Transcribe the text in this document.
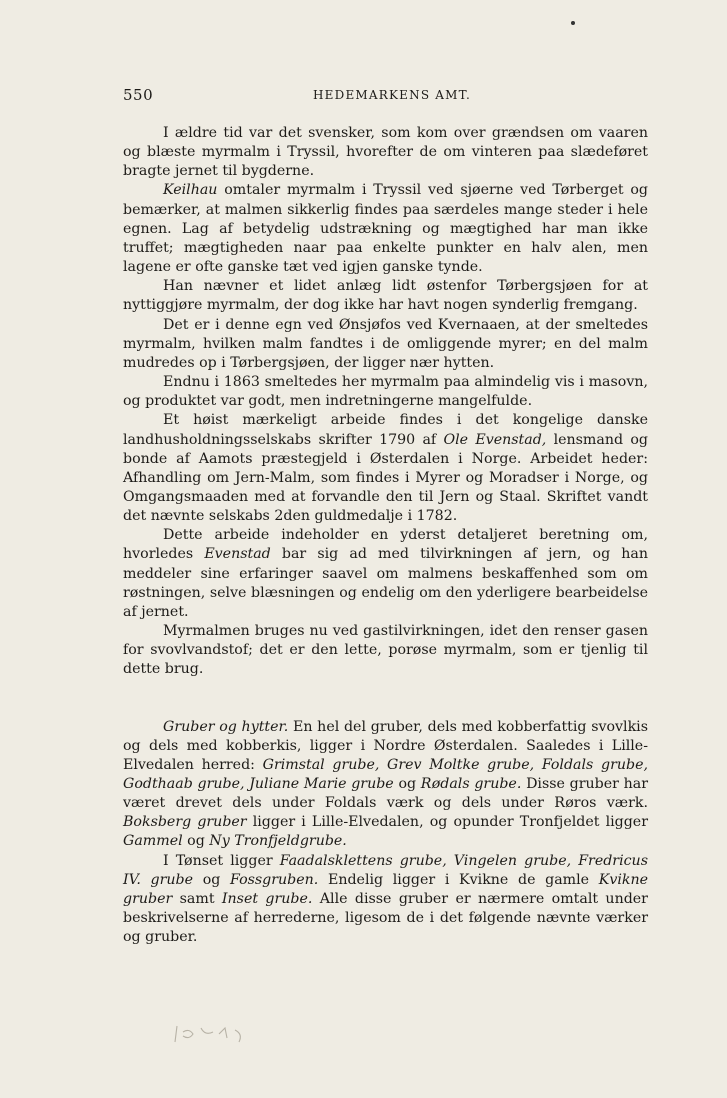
550	HEDEMARKENS AMT.

I ældre tid var det svensker, som kom over grændsen om vaaren og blæste myrmalm i Tryssil, hvorefter de om vinteren paa slædeføret bragte jernet til bygderne.

Keilhau omtaler myrmalm i Tryssil ved sjøerne ved Tørberget og bemærker, at malmen sikkerlig findes paa særdeles mange steder i hele egnen. Lag af betydelig udstrækning og mægtighed har man ikke truffet; mægtigheden naar paa enkelte punkter en halv alen, men lagene er ofte ganske tæt ved igjen ganske tynde.

Han nævner et lidet anlæg lidt østenfor Tørbergsjøen for at nyttiggjøre myrmalm, der dog ikke har havt nogen synderlig fremgang.

Det er i denne egn ved Ønsjøfos ved Kvernaaen, at der smeltedes myrmalm, hvilken malm fandtes i de omliggende myrer; en del malm mudredes op i Tørbergsjøen, der ligger nær hytten.

Endnu i 1863 smeltedes her myrmalm paa almindelig vis i masovn, og produktet var godt, men indretningerne mangelfulde.

Et høist mærkeligt arbeide findes i det kongelige danske landhusholdningsselskabs skrifter 1790 af Ole Evenstad, lensmand og bonde af Aamots præstegjeld i Østerdalen i Norge. Arbeidet heder: Afhandling om Jern-Malm, som findes i Myrer og Moradser i Norge, og Omgangsmaaden med at forvandle den til Jern og Staal. Skriftet vandt det nævnte selskabs 2den guldmedalje i 1782.

Dette arbeide indeholder en yderst detaljeret beretning om, hvorledes Evenstad bar sig ad med tilvirkningen af jern, og han meddeler sine erfaringer saavel om malmens beskaffenhed som om røstningen, selve blæsningen og endelig om den yderligere bearbeidelse af jernet.

Myrmalmen bruges nu ved gastilvirkningen, idet den renser gasen for svovlvandstof; det er den lette, porøse myrmalm, som er tjenlig til dette brug.

Gruber og hytter. En hel del gruber, dels med kobberfattig svovlkis og dels med kobberkis, ligger i Nordre Østerdalen. Saaledes i Lille-Elvedalen herred: Grimstal grube, Grev Moltke grube, Foldals grube, Godthaab grube, Juliane Marie grube og Rødals grube. Disse gruber har været drevet dels under Foldals værk og dels under Røros værk. Boksberg gruber ligger i Lille-Elvedalen, og opunder Tronfjeldet ligger Gammel og Ny Tronfjeldgrube.

I Tønset ligger Faadalsklettens grube, Vingelen grube, Fredricus IV. grube og Fossgruben. Endelig ligger i Kvikne de gamle Kvikne gruber samt Inset grube. Alle disse gruber er nærmere omtalt under beskrivelserne af herrederne, ligesom de i det følgende nævnte værker og gruber.
